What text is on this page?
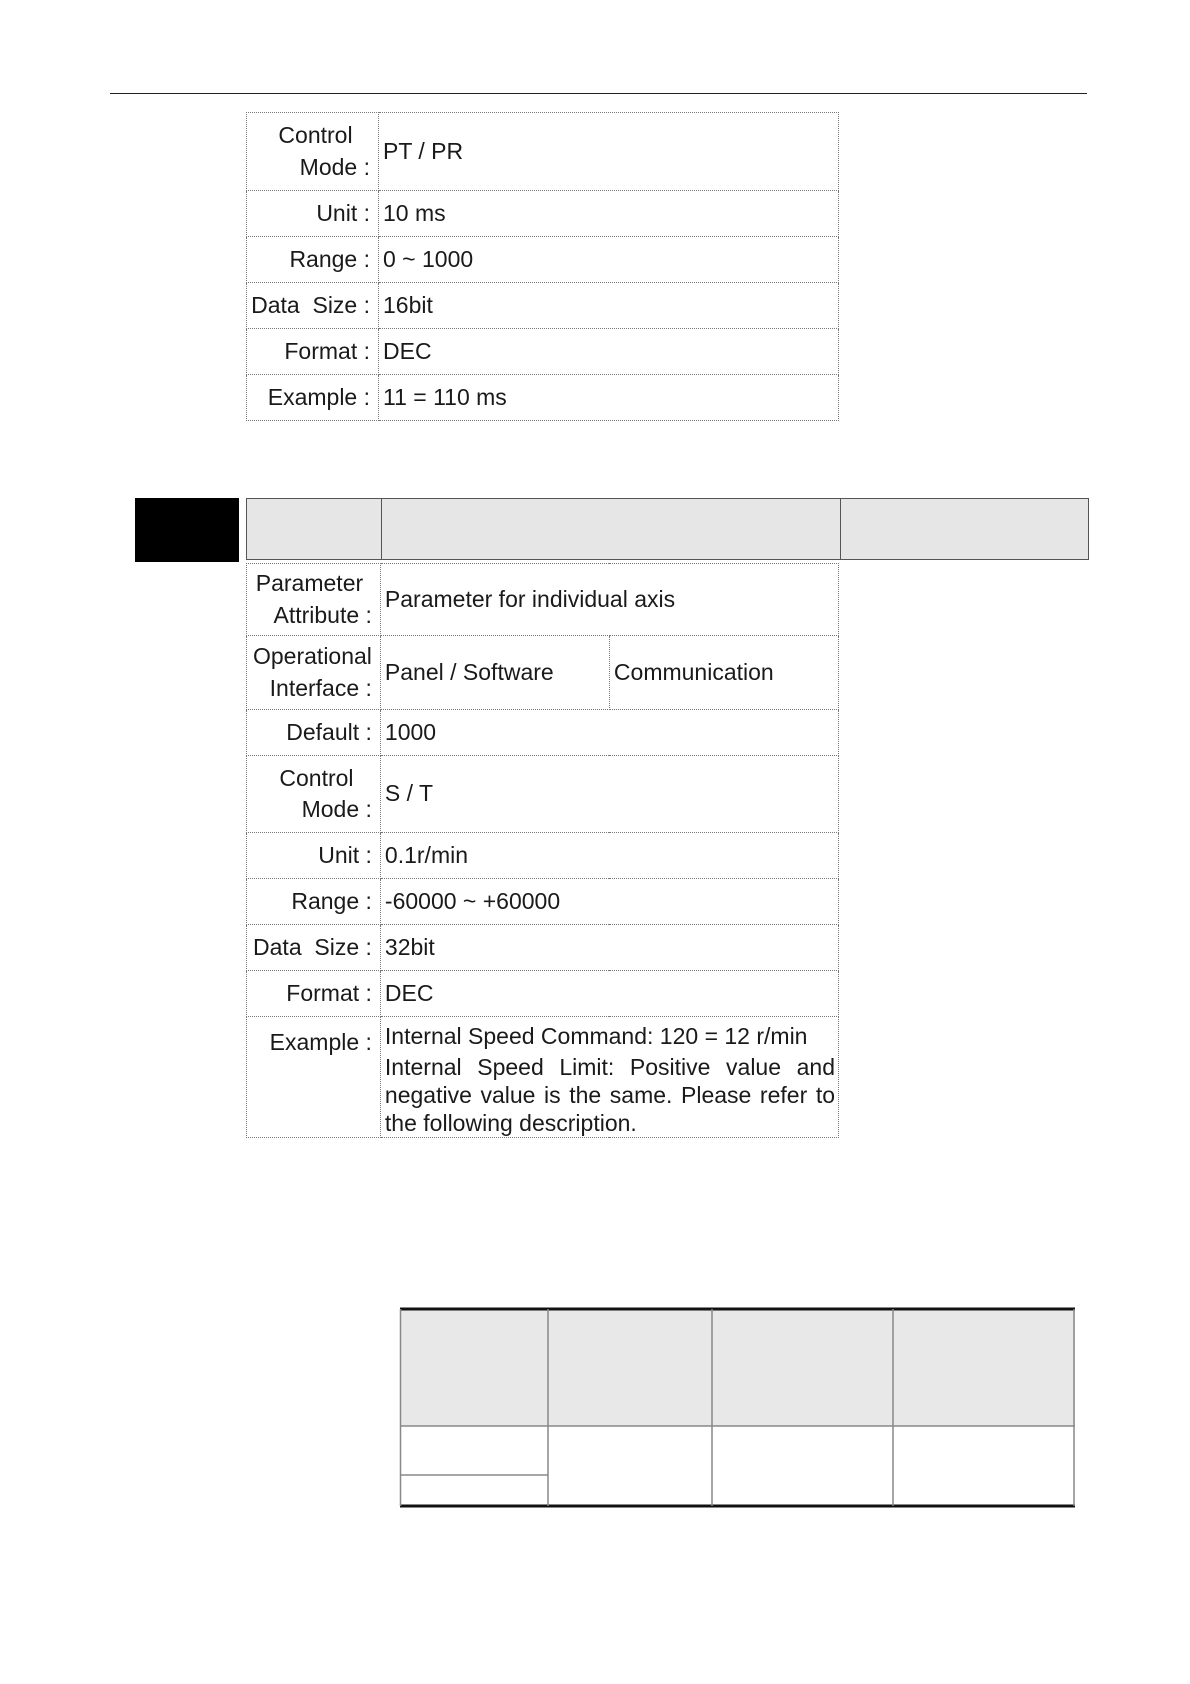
Control
Mode :	PT / PR
Unit :	10 ms
Range :	0 ~ 1000
Data  Size :	16bit
Format :	DEC
Example :	11 = 110 ms
Parameter
Attribute :	Parameter for individual axis	

Operational
Interface :	Panel / Software	Communication
Default :	1000	

Control
Mode :	S / T	
Unit :	0.1r/min	
Range :	-60000 ~ +60000	
Data  Size :	32bit	
Format :	DEC	
Example :	Internal Speed Command: 120 = 12 r/min
Internal Speed Limit: Positive value and negative value is the same. Please refer to the following description.	
